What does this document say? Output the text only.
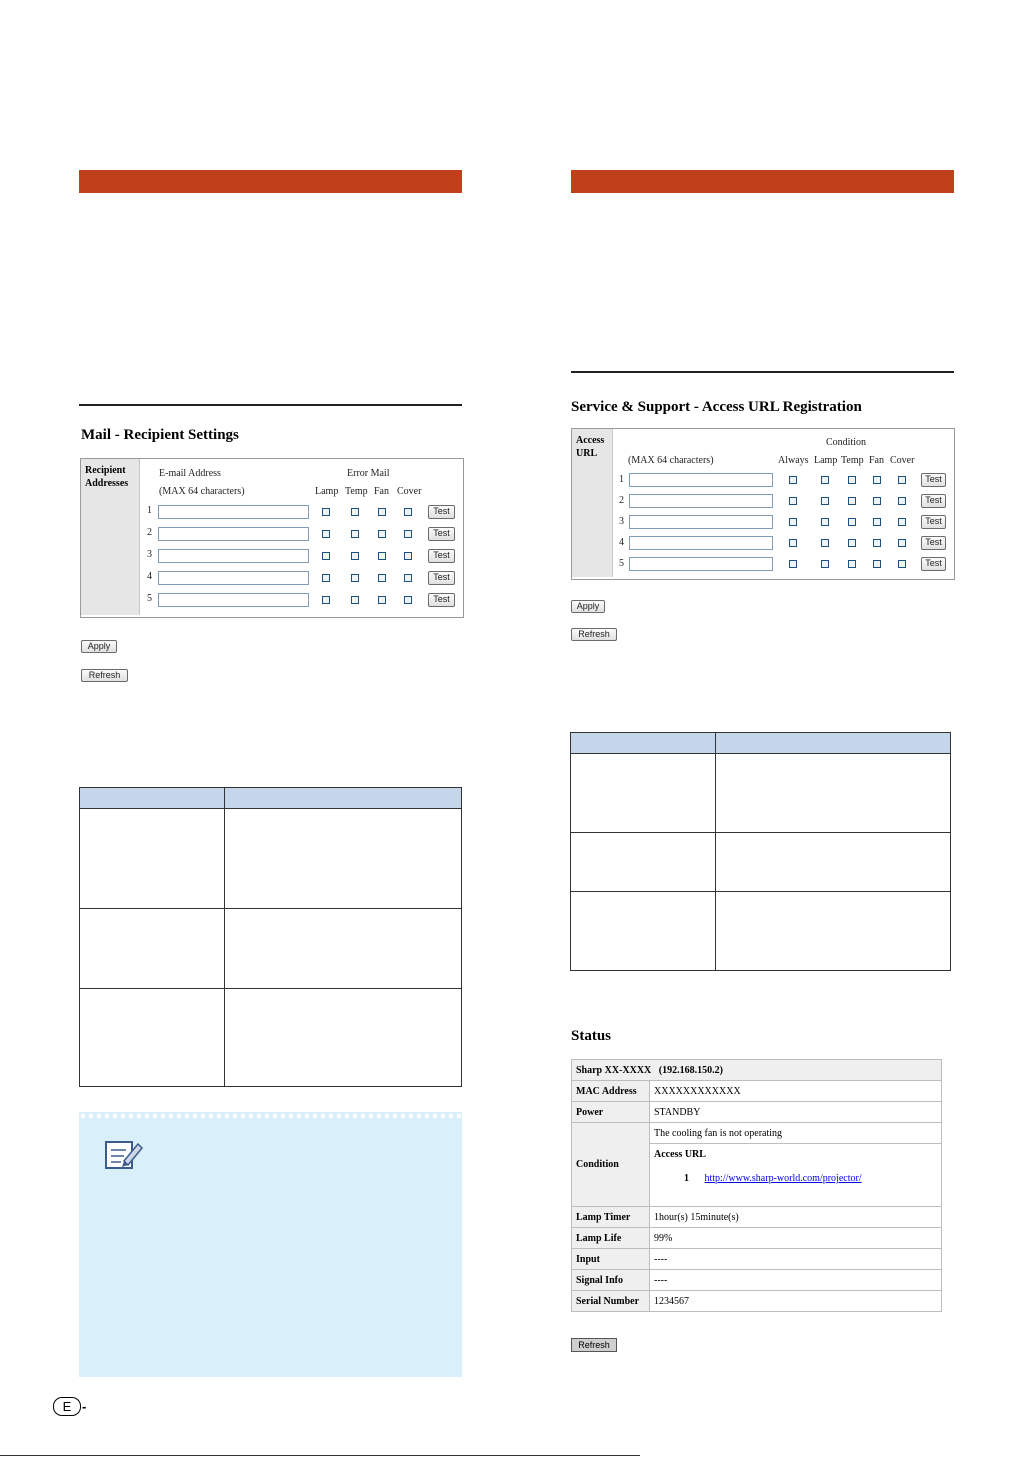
Mail - Recipient Settings
Recipient
Addresses
E-mail Address
(MAX 64 characters)
Error Mail
Lamp Temp Fan Cover
1	Test
2	Test
3	Test
4	Test
5	Test
Apply
Refresh

Service & Support - Access URL Registration
Access
URL
Condition
(MAX 64 characters)	Always Lamp Temp Fan Cover
1	Test
2	Test
3	Test
4	Test
5	Test
Apply
Refresh

Status
Sharp XX-XXXX   (192.168.150.2)	
MAC Address	XXXXXXXXXXXX
Power	STANDBY
Condition	The cooling fan is not operating

	Access URL
1 http://www.sharp-world.com/projector/

Lamp Timer	1hour(s) 15minute(s)
Lamp Life	99%
Input	----
Signal Info	----
Serial Number	1234567
Refresh
E -
